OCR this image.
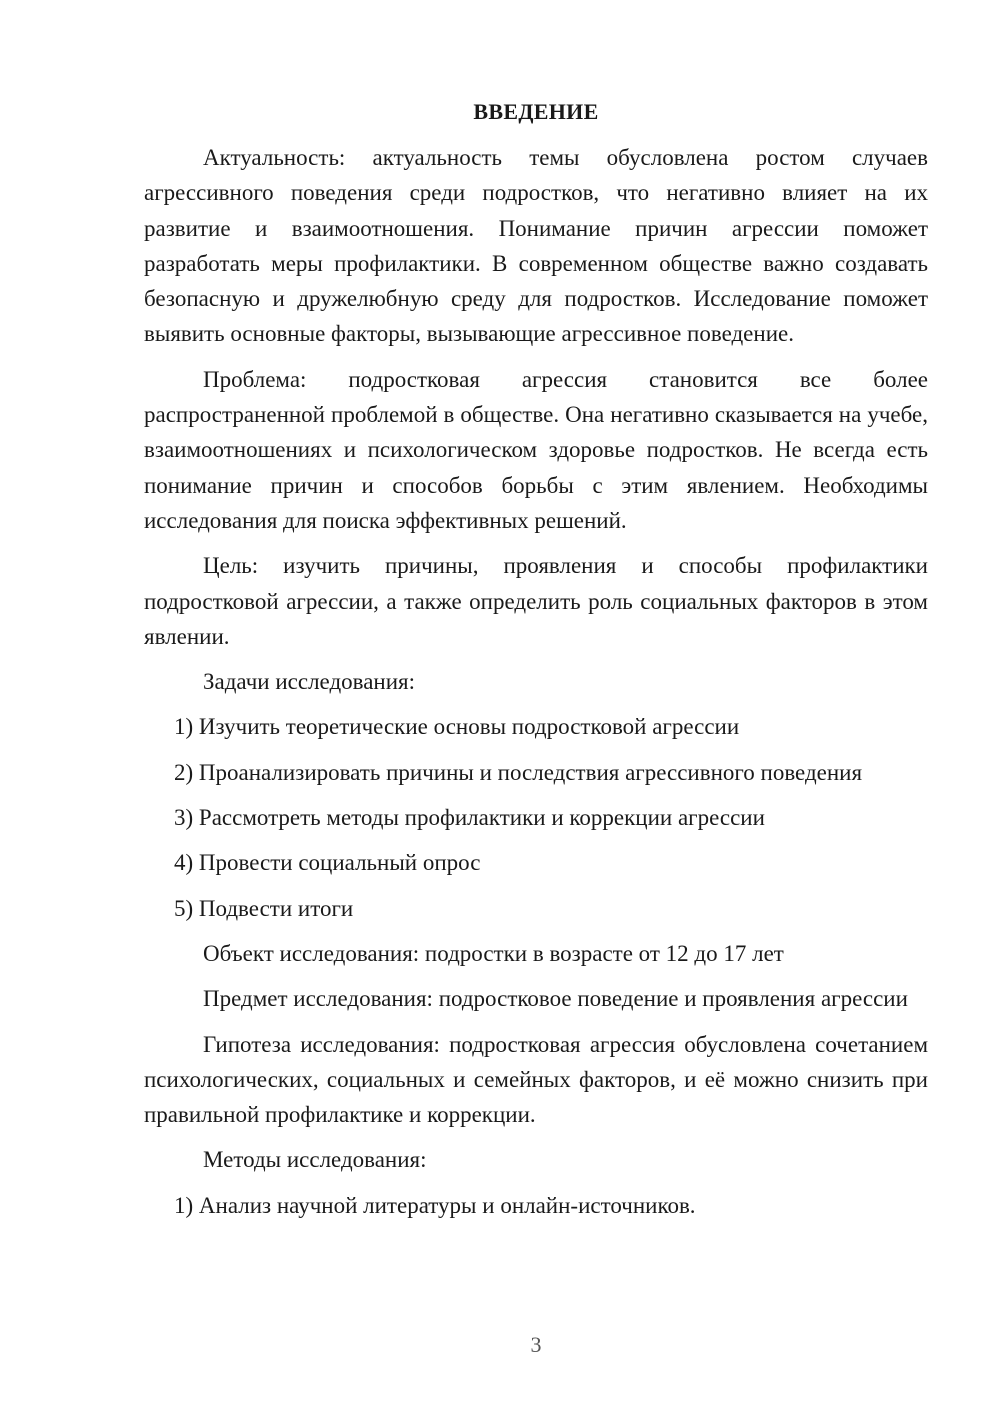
ВВЕДЕНИЕ
Актуальность: актуальность темы обусловлена ростом случаев агрессивного поведения среди подростков, что негативно влияет на их развитие и взаимоотношения. Понимание причин агрессии поможет разработать меры профилактики. В современном обществе важно создавать безопасную и дружелюбную среду для подростков. Исследование поможет выявить основные факторы, вызывающие агрессивное поведение.
Проблема: подростковая агрессия становится все более распространенной проблемой в обществе. Она негативно сказывается на учебе, взаимоотношениях и психологическом здоровье подростков. Не всегда есть понимание причин и способов борьбы с этим явлением. Необходимы исследования для поиска эффективных решений.
Цель: изучить причины, проявления и способы профилактики подростковой агрессии, а также определить роль социальных факторов в этом явлении.
Задачи исследования:
1) Изучить теоретические основы подростковой агрессии
2) Проанализировать причины и последствия агрессивного поведения
3) Рассмотреть методы профилактики и коррекции агрессии
4) Провести социальный опрос
5) Подвести итоги
Объект исследования: подростки в возрасте от 12 до 17 лет
Предмет исследования: подростковое поведение и проявления агрессии
Гипотеза исследования: подростковая агрессия обусловлена сочетанием психологических, социальных и семейных факторов, и её можно снизить при правильной профилактике и коррекции.
Методы исследования:
1) Анализ научной литературы и онлайн-источников.
3
